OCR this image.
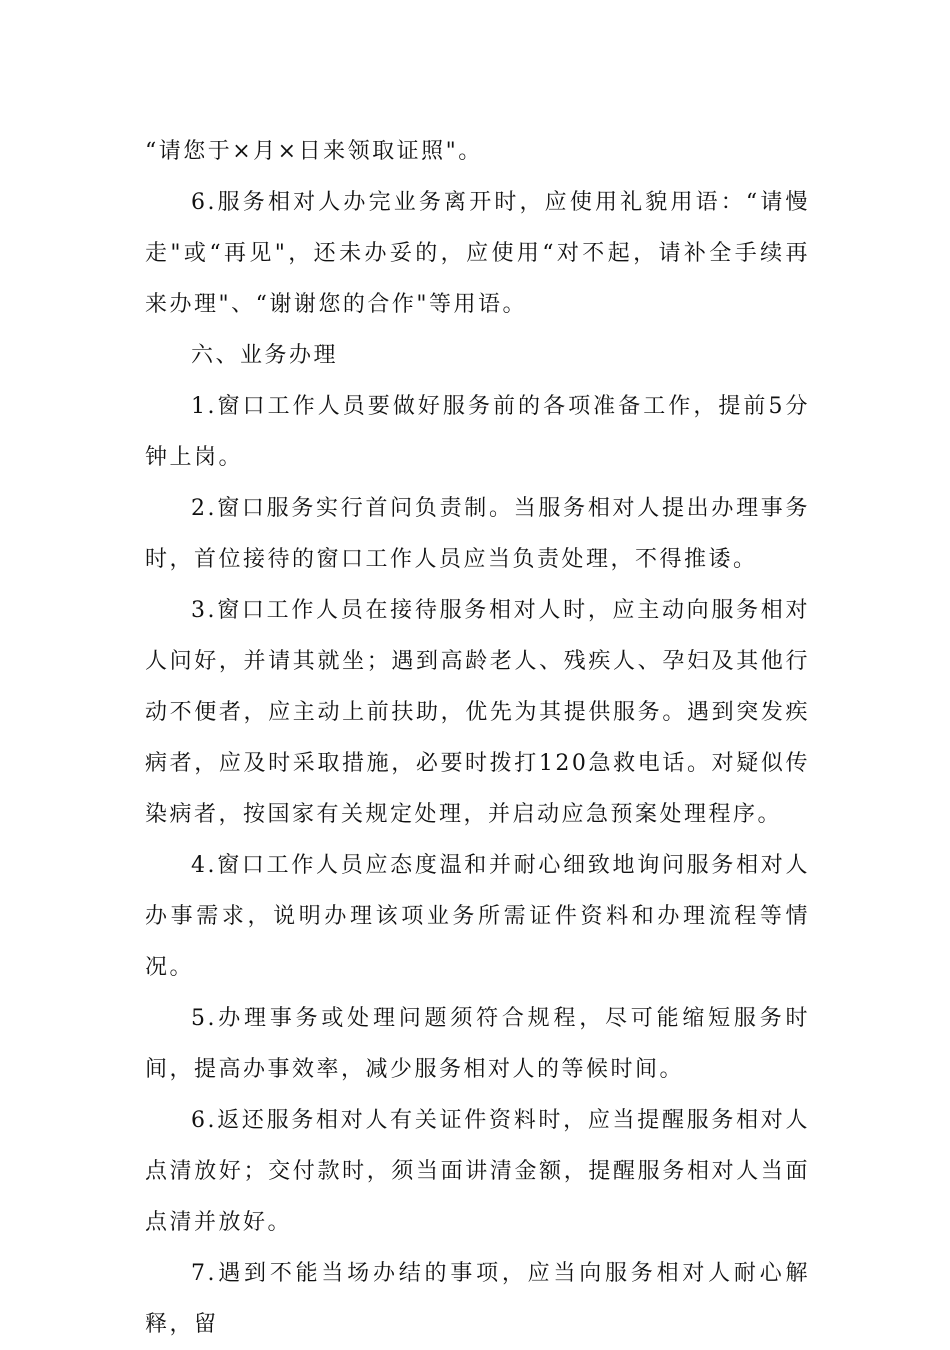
“请您于×月×日来领取证照"。

6.服务相对人办完业务离开时，应使用礼貌用语：“请慢走"或“再见"，还未办妥的，应使用“对不起，请补全手续再来办理"、“谢谢您的合作"等用语。

六、业务办理

1.窗口工作人员要做好服务前的各项准备工作，提前5分钟上岗。

2.窗口服务实行首问负责制。当服务相对人提出办理事务时，首位接待的窗口工作人员应当负责处理，不得推诿。

3.窗口工作人员在接待服务相对人时，应主动向服务相对人问好，并请其就坐；遇到高龄老人、残疾人、孕妇及其他行动不便者，应主动上前扶助，优先为其提供服务。遇到突发疾病者，应及时采取措施，必要时拨打120急救电话。对疑似传染病者，按国家有关规定处理，并启动应急预案处理程序。

4.窗口工作人员应态度温和并耐心细致地询问服务相对人办事需求，说明办理该项业务所需证件资料和办理流程等情况。

5.办理事务或处理问题须符合规程，尽可能缩短服务时间，提高办事效率，减少服务相对人的等候时间。

6.返还服务相对人有关证件资料时，应当提醒服务相对人点清放好；交付款时，须当面讲清金额，提醒服务相对人当面点清并放好。

7.遇到不能当场办结的事项，应当向服务相对人耐心解释，留
